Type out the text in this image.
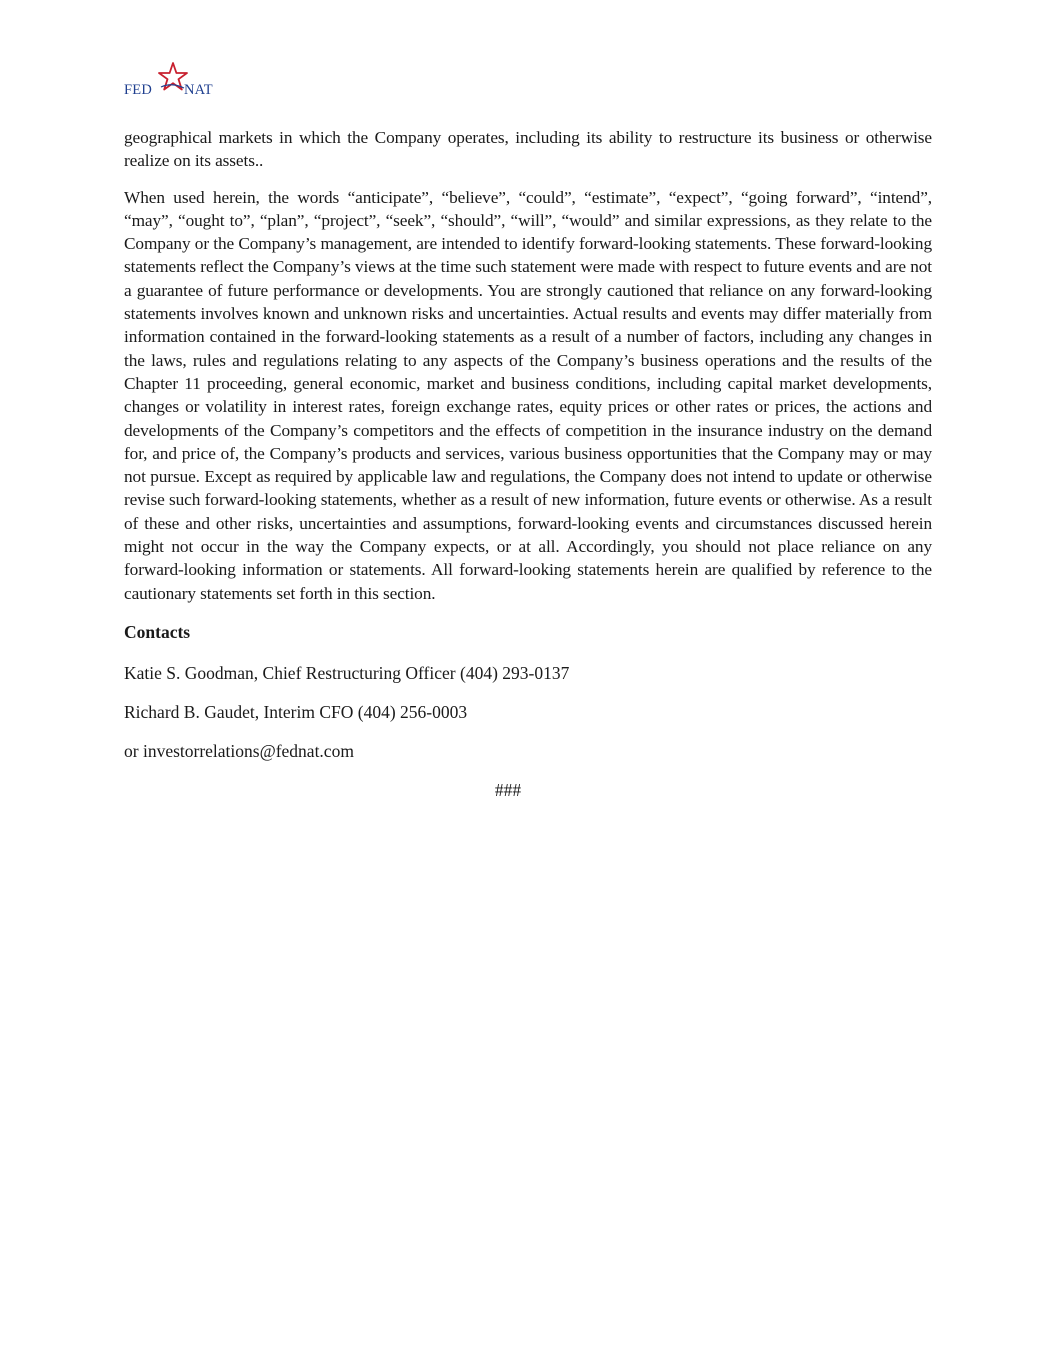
FED NAT

geographical markets in which the Company operates, including its ability to restructure its business or otherwise realize on its assets..

When used herein, the words “anticipate”, “believe”, “could”, “estimate”, “expect”, “going forward”, “intend”, “may”, “ought to”, “plan”, “project”, “seek”, “should”, “will”, “would” and similar expressions, as they relate to the Company or the Company’s management, are intended to identify forward-looking statements. These forward-looking statements reflect the Company’s views at the time such statement were made with respect to future events and are not a guarantee of future performance or developments. You are strongly cautioned that reliance on any forward-looking statements involves known and unknown risks and uncertainties. Actual results and events may differ materially from information contained in the forward-looking statements as a result of a number of factors, including any changes in the laws, rules and regulations relating to any aspects of the Company’s business operations and the results of the Chapter 11 proceeding, general economic, market and business conditions, including capital market developments, changes or volatility in interest rates, foreign exchange rates, equity prices or other rates or prices, the actions and developments of the Company’s competitors and the effects of competition in the insurance industry on the demand for, and price of, the Company’s products and services, various business opportunities that the Company may or may not pursue. Except as required by applicable law and regulations, the Company does not intend to update or otherwise revise such forward-looking statements, whether as a result of new information, future events or otherwise. As a result of these and other risks, uncertainties and assumptions, forward-looking events and circumstances discussed herein might not occur in the way the Company expects, or at all. Accordingly, you should not place reliance on any forward-looking information or statements. All forward-looking statements herein are qualified by reference to the cautionary statements set forth in this section.

Contacts

Katie S. Goodman, Chief Restructuring Officer (404) 293-0137

Richard B. Gaudet, Interim CFO (404) 256-0003

or investorrelations@fednat.com

###
